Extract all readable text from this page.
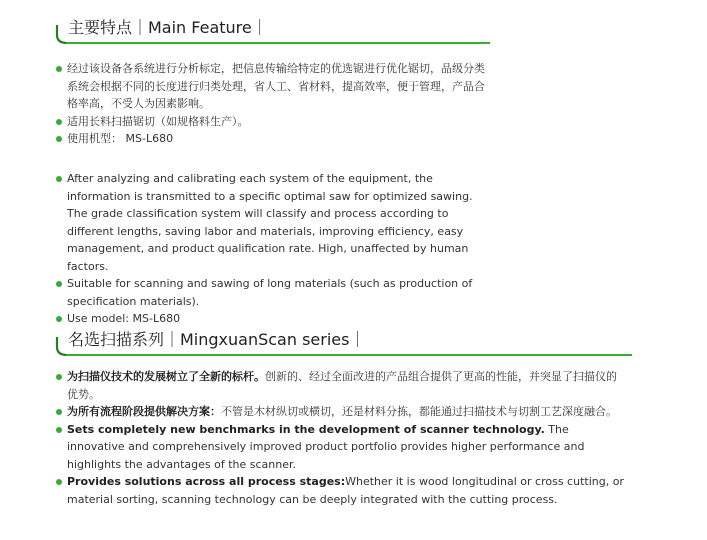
主要特点｜Main Feature｜
经过该设备各系统进行分析标定，把信息传输给特定的优选锯进行优化锯切，品级分类系统会根据不同的长度进行归类处理，省人工、省材料，提高效率，便于管理，产品合格率高，不受人为因素影响。
适用长料扫描锯切（如规格料生产）。
使用机型： MS-L680
After analyzing and calibrating each system of the equipment, the information is transmitted to a specific optimal saw for optimized sawing. The grade classification system will classify and process according to different lengths, saving labor and materials, improving efficiency, easy management, and product qualification rate. High, unaffected by human factors.
Suitable for scanning and sawing of long materials (such as production of specification materials).
Use model: MS-L680
名选扫描系列｜MingxuanScan series｜
为扫描仪技术的发展树立了全新的标杆。创新的、经过全面改进的产品组合提供了更高的性能，并突显了扫描仪的优势。
为所有流程阶段提供解决方案：不管是木材纵切或横切，还是材料分拣，都能通过扫描技术与切割工艺深度融合。
Sets completely new benchmarks in the development of scanner technology. The innovative and comprehensively improved product portfolio provides higher performance and highlights the advantages of the scanner.
Provides solutions across all process stages:Whether it is wood longitudinal or cross cutting, or material sorting, scanning technology can be deeply integrated with the cutting process.
